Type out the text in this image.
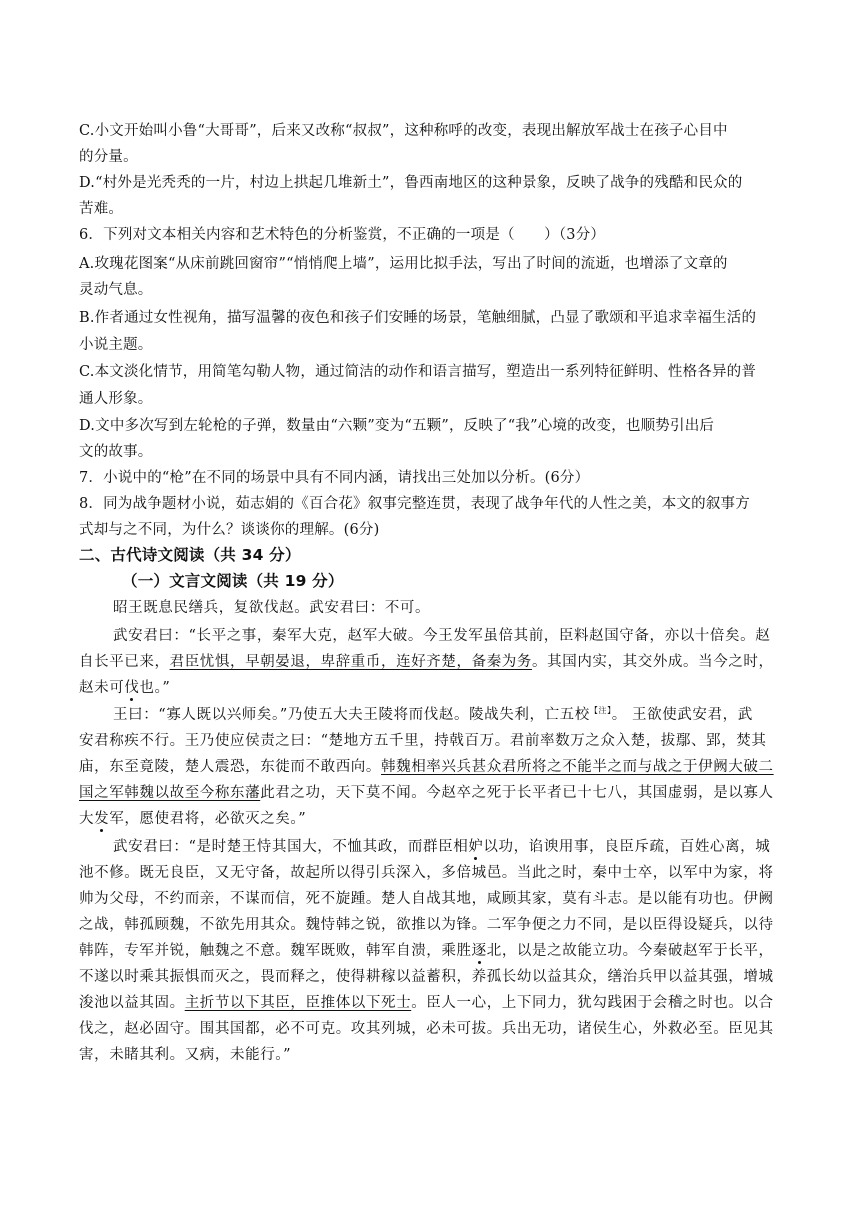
C.小文开始叫小鲁“大哥哥”，后来又改称“叔叔”，这种称呼的改变，表现出解放军战士在孩子心目中
的分量。
D.“村外是光秃秃的一片，村边上拱起几堆新土”，鲁西南地区的这种景象，反映了战争的残酷和民众的
苦难。
6．下列对文本相关内容和艺术特色的分析鉴赏，不正确的一项是（　　）（3分）
A.玫瑰花图案“从床前跳回窗帘”“悄悄爬上墙”，运用比拟手法，写出了时间的流逝，也增添了文章的
灵动气息。
B.作者通过女性视角，描写温馨的夜色和孩子们安睡的场景，笔触细腻，凸显了歌颂和平追求幸福生活的
小说主题。
C.本文淡化情节，用简笔勾勒人物，通过简洁的动作和语言描写，塑造出一系列特征鲜明、性格各异的普
通人形象。
D.文中多次写到左轮枪的子弹，数量由“六颗”变为“五颗”，反映了“我”心境的改变，也顺势引出后
文的故事。
7．小说中的“枪”在不同的场景中具有不同内涵，请找出三处加以分析。(6分）
8．同为战争题材小说，茹志娟的《百合花》叙事完整连贯，表现了战争年代的人性之美，本文的叙事方
式却与之不同，为什么？谈谈你的理解。(6分)
二、古代诗文阅读（共 34 分）
（一）文言文阅读（共 19 分）
昭王既息民缮兵，复欲伐赵。武安君曰：不可。
武安君曰：“长平之事，秦军大克，赵军大破。今王发军虽倍其前，臣料赵国守备，亦以十倍矣。赵
自长平已来，君臣忧惧，早朝晏退，卑辞重币，连好齐楚，备秦为务。其国内实，其交外成。当今之时，
赵未可伐也。”
王曰：“寡人既以兴师矣。”乃使五大夫王陵将而伐赵。陵战失利，亡五校$^{【注】}$。 王欲使武安君，武
安君称疾不行。王乃使应侯责之曰：“楚地方五千里，持戟百万。君前率数万之众入楚，拔鄢、郢，焚其
庙，东至竟陵，楚人震恐，东徙而不敢西向。韩魏相率兴兵甚众君所将之不能半之而与战之于伊阙大破二
国之军韩魏以故至今称东藩此君之功，天下莫不闻。今赵卒之死于长平者已十七八，其国虚弱，是以寡人
大发军，愿使君将，必欲灭之矣。”
武安君曰：“是时楚王恃其国大，不恤其政，而群臣相妒以功，谄谀用事，良臣斥疏，百姓心离，城
池不修。既无良臣，又无守备，故起所以得引兵深入，多倍城邑。当此之时，秦中士卒，以军中为家，将
帅为父母，不约而亲，不谋而信，死不旋踵。楚人自战其地，咸顾其家，莫有斗志。是以能有功也。伊阙
之战，韩孤顾魏，不欲先用其众。魏恃韩之锐，欲推以为锋。二军争便之力不同，是以臣得设疑兵，以待
韩阵，专军并锐，触魏之不意。魏军既败，韩军自溃，乘胜逐北，以是之故能立功。今秦破赵军于长平，
不遂以时乘其振惧而灭之，畏而释之，使得耕稼以益蓄积，养孤长幼以益其众，缮治兵甲以益其强，增城
浚池以益其固。主折节以下其臣，臣推体以下死士。臣人一心，上下同力，犹勾践困于会稽之时也。以合
伐之，赵必固守。围其国都，必不可克。攻其列城，必未可拔。兵出无功，诸侯生心，外救必至。臣见其
害，未睹其利。又病，未能行。”
